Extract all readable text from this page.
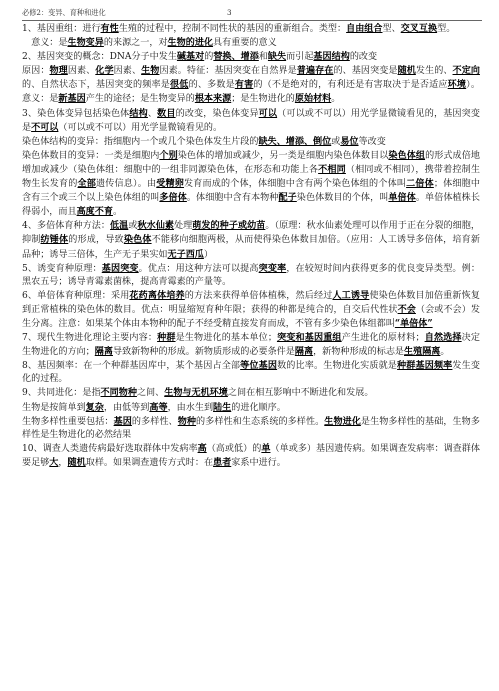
必修2：变异、育种和进化	3

1、基因重组：进行有性生殖的过程中，控制不同性状的基因的重新组合。类型：自由组合型、交叉互换型。

　意义：是生物变异的来源之一，对生物的进化具有重要的意义

2、基因突变的概念：DNA分子中发生碱基对的替换、增添和缺失而引起基因结构的改变

原因：物理因素、化学因素、生物因素。特征：基因突变在自然界是普遍存在的、基因突变是随机发生的、不定向的、自然状态下，基因突变的频率是很低的、多数是有害的（不是绝对的，有利还是有害取决于是否适应环境）。意义：是新基因产生的途径；是生物变异的根本来源；是生物进化的原始材料。

3、染色体变异包括染色体结构、数目的改变，染色体变异可以（可以或不可以）用光学显微镜看见的，基因突变是不可以（可以或不可以）用光学显微镜看见的。

染色体结构的变异：指细胞内一个或几个染色体发生片段的缺失、增添、倒位或易位等改变

染色体数目的变异：一类是细胞内个别染色体的增加或减少，另一类是细胞内染色体数目以染色体组的形式成倍地增加或减少（染色体组：细胞中的一组非同源染色体，在形态和功能上各不相同（相同或不相同），携带着控制生物生长发育的全部遗传信息）。由受精卵发育而成的个体，体细胞中含有两个染色体组的个体叫二倍体；体细胞中含有三个或三个以上染色体组的叫多倍体。体细胞中含有本物种配子染色体数目的个体，叫单倍体。单倍体植株长得弱小，而且高度不育。

4、多倍体育种方法：低温或秋水仙素处理萌发的种子或幼苗。（原理：秋水仙素处理可以作用于正在分裂的细胞，抑制纺锤体的形成，导致染色体不能移向细胞两极，从而使得染色体数目加倍。（应用：人工诱导多倍体，培育新品种；诱导三倍体，生产无子果实如无子西瓜）

5、诱变育种原理：基因突变。优点：用这种方法可以提高突变率，在较短时间内获得更多的优良变异类型。例：黑农五号；诱导青霉素菌株，提高青霉素的产量等。

6、单倍体育种原理：采用花药离体培养的方法来获得单倍体植株，然后经过人工诱导使染色体数目加倍重新恢复到正常植株的染色体的数目。优点：明显缩短育种年限；获得的种都是纯合的，自交后代性状不会（会或不会）发生分离。注意：如果某个体由本物种的配子不经受精直接发育而成，不管有多少染色体组都叫“单倍体”

7、现代生物进化理论主要内容：种群是生物进化的基本单位；突变和基因重组产生进化的原材料；自然选择决定生物进化的方向；隔离导致新物种的形成。新物质形成的必要条件是隔离，新物种形成的标志是生殖隔离。

8、基因频率：在一个种群基因库中，某个基因占全部等位基因数的比率。生物进化实质就是种群基因频率发生变化的过程。

9、共同进化：是指不同物种之间、生物与无机环境之间在相互影响中不断进化和发展。

生物是按简单到复杂，由低等到高等，由水生到陆生的进化顺序。

生物多样性重要包括：基因的多样性、物种的多样性和生态系统的多样性。生物进化是生物多样性的基础，生物多样性是生物进化的必然结果

10、调查人类遗传病最好选取群体中发病率高（高或低）的单（单或多）基因遗传病。如果调查发病率：调查群体要足够大，随机取样。如果调查遗传方式时：在患者家系中进行。
